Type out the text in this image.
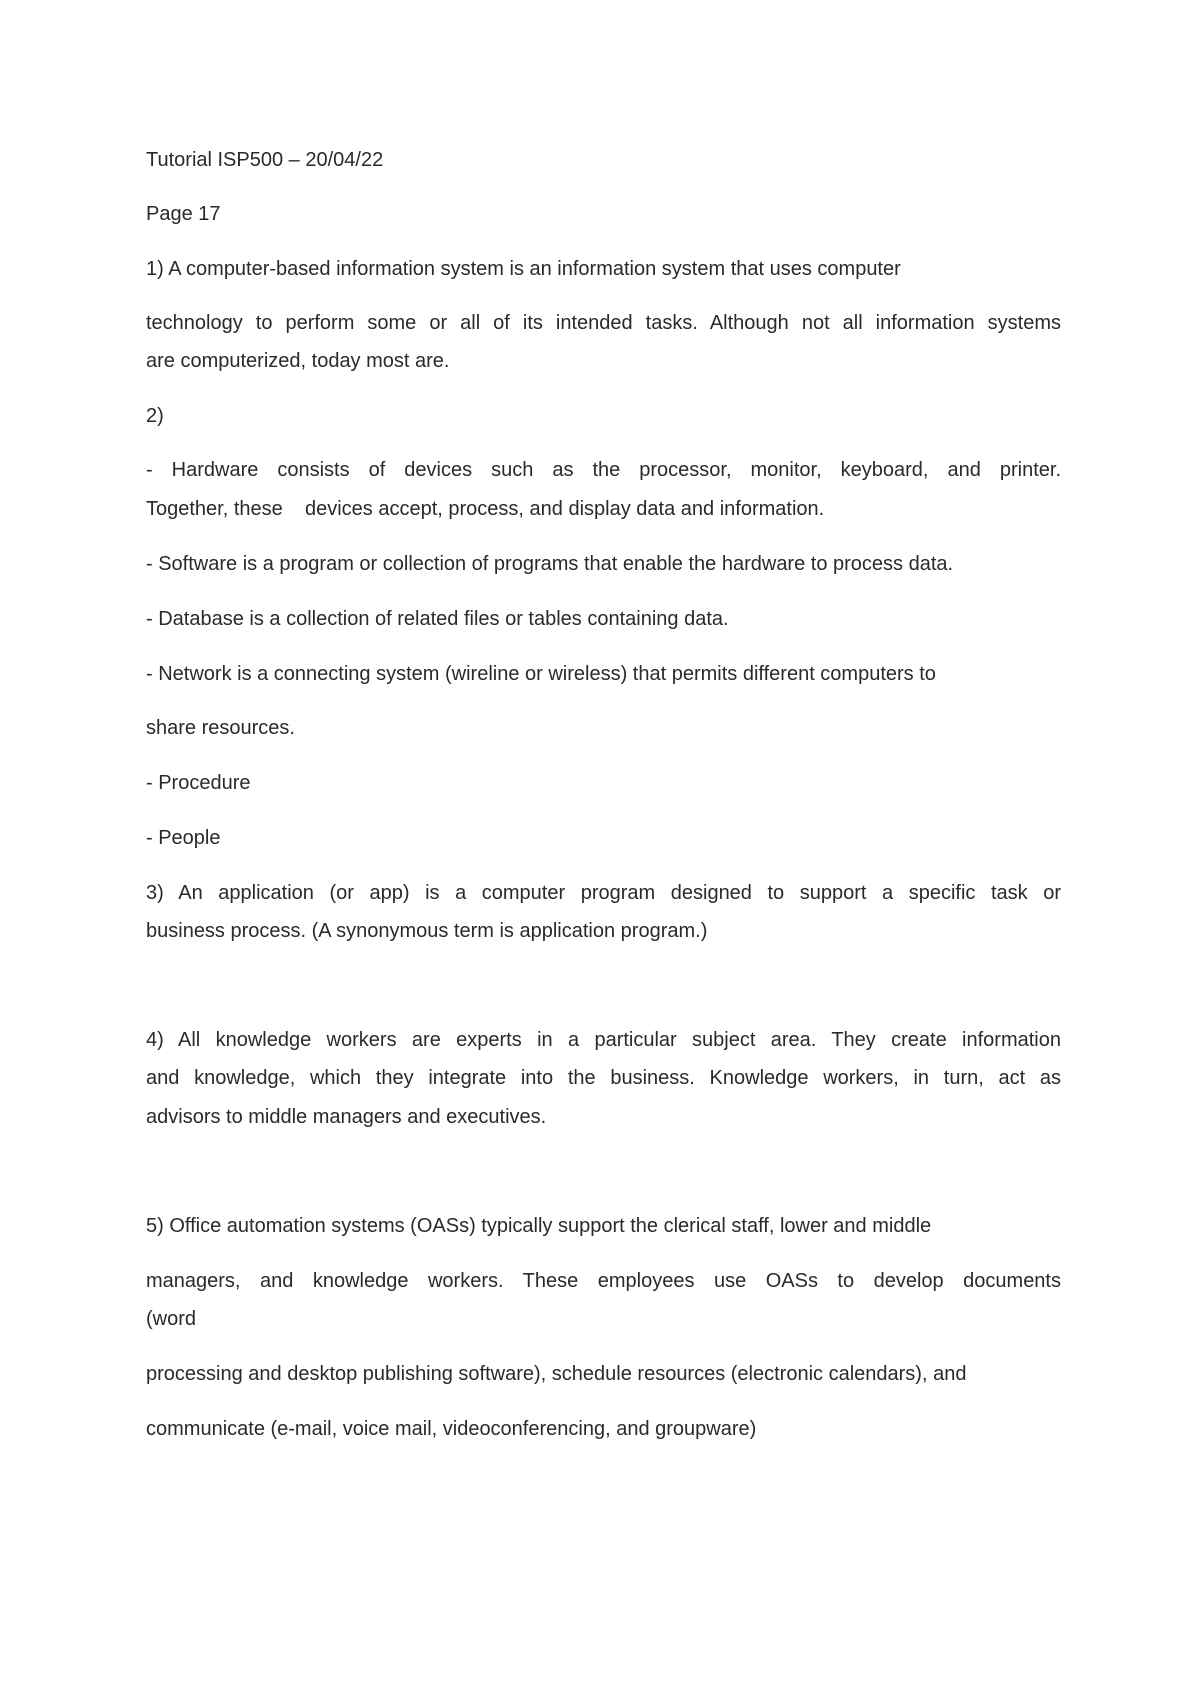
Tutorial ISP500 – 20/04/22
Page 17
1) A computer-based information system is an information system that uses computer
technology to perform some or all of its intended tasks. Although not all information systems
are computerized, today most are.
2)
- Hardware consists of devices such as the processor, monitor, keyboard, and printer.
Together, these    devices accept, process, and display data and information.
- Software is a program or collection of programs that enable the hardware to process data.
- Database is a collection of related files or tables containing data.
- Network is a connecting system (wireline or wireless) that permits different computers to
share resources.
- Procedure
- People
3) An application (or app) is a computer program designed to support a specific task or
business process. (A synonymous term is application program.)
4) All knowledge workers are experts in a particular subject area. They create information
and knowledge, which they integrate into the business. Knowledge workers, in turn, act as
advisors to middle managers and executives.
5) Office automation systems (OASs) typically support the clerical staff, lower and middle
managers, and knowledge workers. These employees use OASs to develop documents
(word
processing and desktop publishing software), schedule resources (electronic calendars), and
communicate (e-mail, voice mail, videoconferencing, and groupware)
